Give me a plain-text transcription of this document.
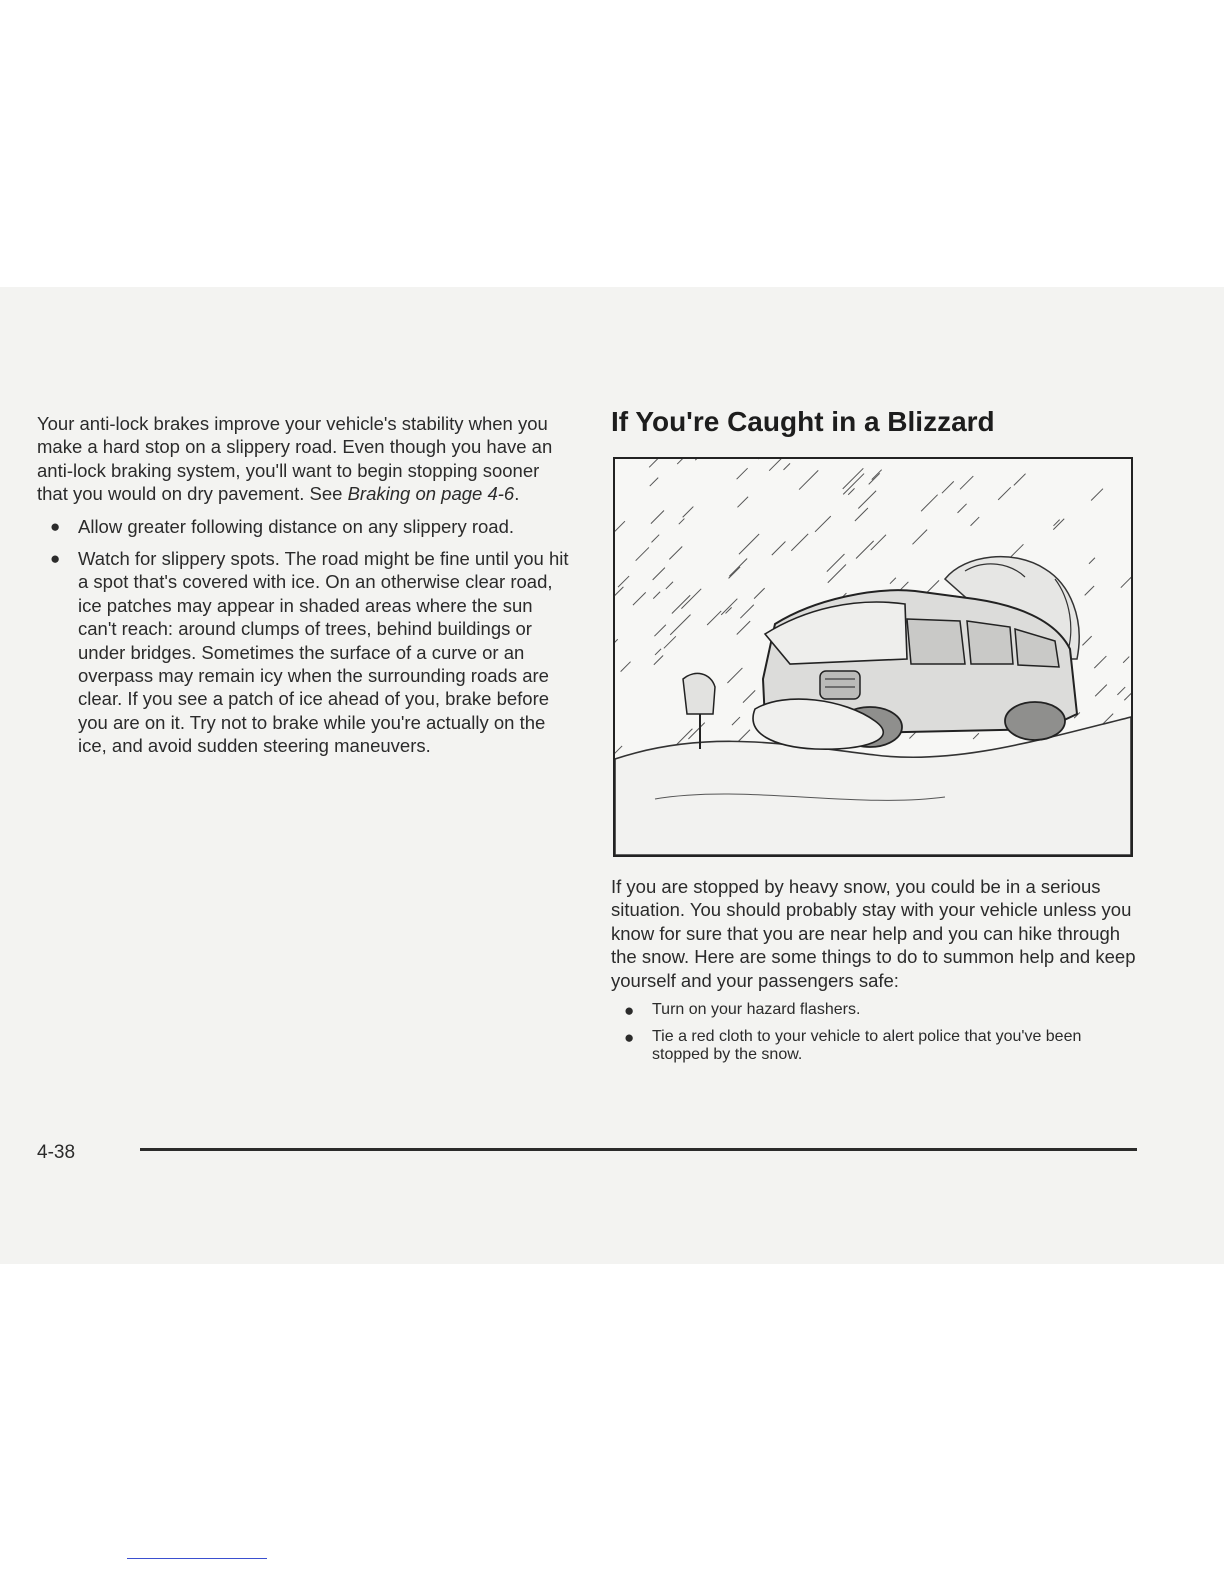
Your anti-lock brakes improve your vehicle's stability when you make a hard stop on a slippery road. Even though you have an anti-lock braking system, you'll want to begin stopping sooner that you would on dry pavement. See Braking on page 4-6.

● Allow greater following distance on any slippery road.
● Watch for slippery spots. The road might be fine until you hit a spot that's covered with ice. On an otherwise clear road, ice patches may appear in shaded areas where the sun can't reach: around clumps of trees, behind buildings or under bridges. Sometimes the surface of a curve or an overpass may remain icy when the surrounding roads are clear. If you see a patch of ice ahead of you, brake before you are on it. Try not to brake while you're actually on the ice, and avoid sudden steering maneuvers.
If You're Caught in a Blizzard

If you are stopped by heavy snow, you could be in a serious situation. You should probably stay with your vehicle unless you know for sure that you are near help and you can hike through the snow. Here are some things to do to summon help and keep yourself and your passengers safe:

● Turn on your hazard flashers.
● Tie a red cloth to your vehicle to alert police that you've been stopped by the snow.
4-38
